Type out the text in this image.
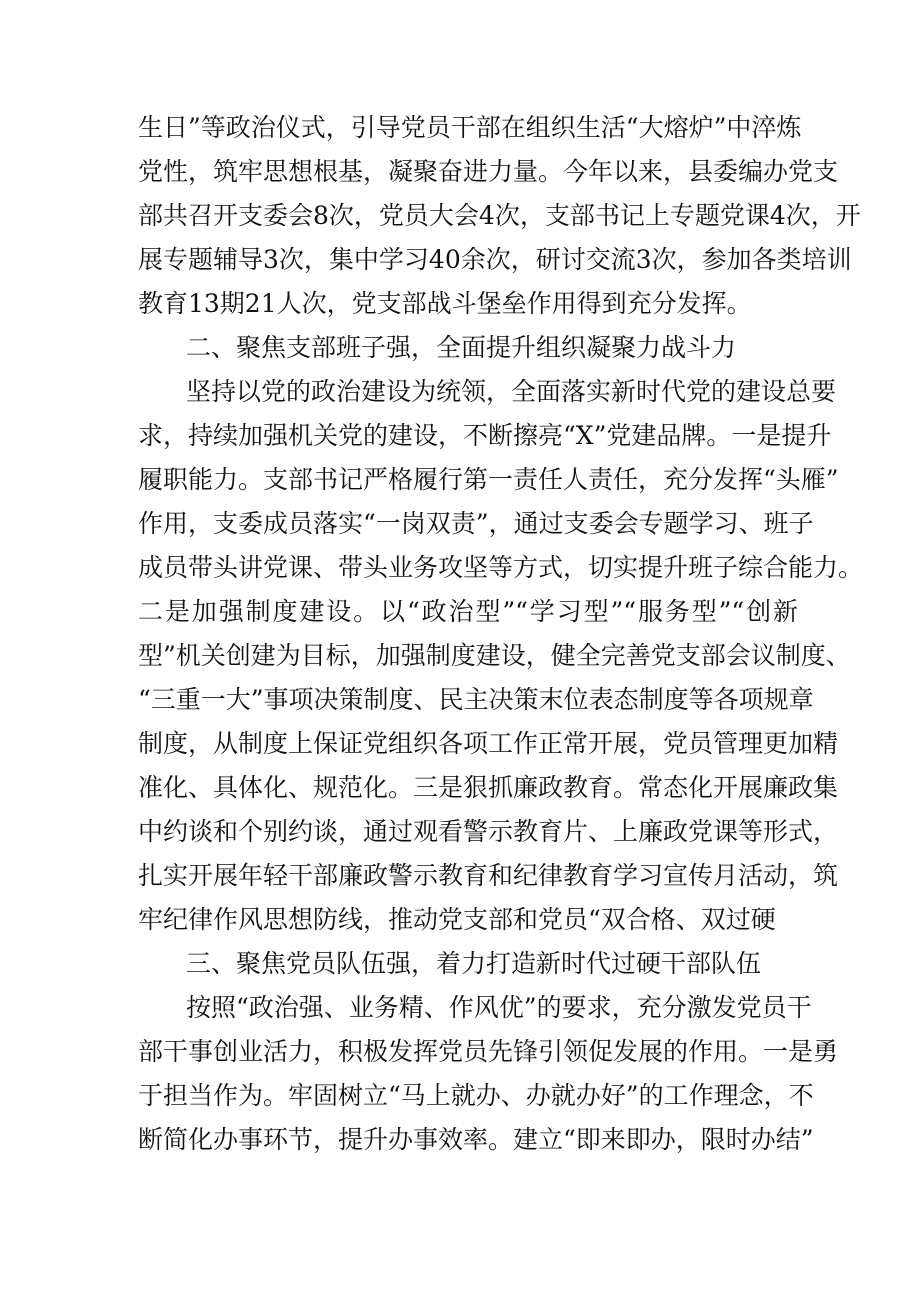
生日”等政治仪式，引导党员干部在组织生活“大熔炉”中淬炼
党性，筑牢思想根基，凝聚奋进力量。今年以来，县委编办党支
部共召开支委会8次，党员大会4次，支部书记上专题党课4次，开
展专题辅导3次，集中学习40余次，研讨交流3次，参加各类培训
教育13期21人次，党支部战斗堡垒作用得到充分发挥。
二、聚焦支部班子强，全面提升组织凝聚力战斗力
坚持以党的政治建设为统领，全面落实新时代党的建设总要
求，持续加强机关党的建设，不断擦亮“X”党建品牌。一是提升
履职能力。支部书记严格履行第一责任人责任，充分发挥“头雁”
作用，支委成员落实“一岗双责”，通过支委会专题学习、班子
成员带头讲党课、带头业务攻坚等方式，切实提升班子综合能力。
二是加强制度建设。以“政治型”“学习型”“服务型”“创新
型”机关创建为目标，加强制度建设，健全完善党支部会议制度、
“三重一大”事项决策制度、民主决策末位表态制度等各项规章
制度，从制度上保证党组织各项工作正常开展，党员管理更加精
准化、具体化、规范化。三是狠抓廉政教育。常态化开展廉政集
中约谈和个别约谈，通过观看警示教育片、上廉政党课等形式，
扎实开展年轻干部廉政警示教育和纪律教育学习宣传月活动，筑
牢纪律作风思想防线，推动党支部和党员“双合格、双过硬
三、聚焦党员队伍强，着力打造新时代过硬干部队伍
按照“政治强、业务精、作风优”的要求，充分激发党员干
部干事创业活力，积极发挥党员先锋引领促发展的作用。一是勇
于担当作为。牢固树立“马上就办、办就办好”的工作理念，不
断简化办事环节，提升办事效率。建立“即来即办，限时办结”
